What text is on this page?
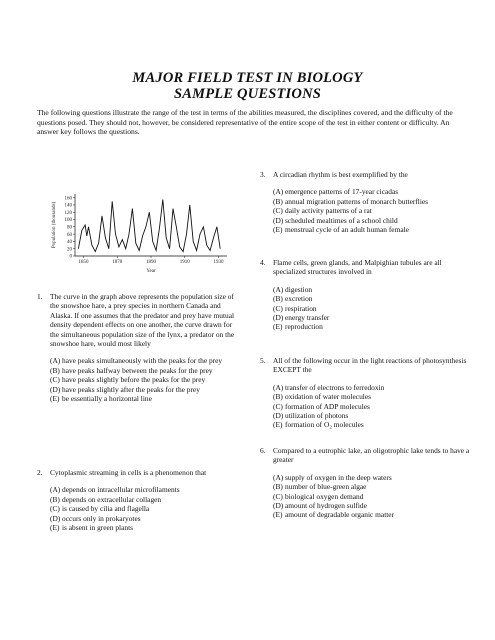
MAJOR FIELD TEST IN BIOLOGY
SAMPLE QUESTIONS

The following questions illustrate the range of the test in terms of the abilities measured, the disciplines covered, and the difficulty of the questions posed. They should not, however, be considered representative of the entire scope of the test in either content or difficulty. An answer key follows the questions.

0
20
40
60
80
100
120
140
160
1850	1870	1890	1910	1930
Year
Population (thousands)
1.	The curve in the graph above represents the population size of the snowshoe hare, a prey species in northern Canada and Alaska. If one assumes that the predator and prey have mutual density dependent effects on one another, the curve drawn for the simultaneous population size of the lynx, a predator on the snowshoe hare, would most likely
(A) have peaks simultaneously with the peaks for the prey
(B) have peaks halfway between the peaks for the prey
(C) have peaks slightly before the peaks for the prey
(D) have peaks slightly after the peaks for the prey
(E) be essentially a horizontal line
2.	Cytoplasmic streaming in cells is a phenomenon that
(A) depends on intracellular microfilaments
(B) depends on extracellular collagen
(C) is caused by cilia and flagella
(D) occurs only in prokaryotes
(E) is absent in green plants
3.	A circadian rhythm is best exemplified by the
(A) emergence patterns of 17-year cicadas
(B) annual migration patterns of monarch butterflies
(C) daily activity patterns of a rat
(D) scheduled mealtimes of a school child
(E) menstrual cycle of an adult human female
4.	Flame cells, green glands, and Malpighian tubules are all specialized structures involved in
(A) digestion
(B) excretion
(C) respiration
(D) energy transfer
(E) reproduction
5.	All of the following occur in the light reactions of photosynthesis EXCEPT the
(A) transfer of electrons to ferredoxin
(B) oxidation of water molecules
(C) formation of ADP molecules
(D) utilization of photons
(E) formation of O₂ molecules
6.	Compared to a eutrophic lake, an oligotrophic lake tends to have a greater
(A) supply of oxygen in the deep waters
(B) number of blue-green algae
(C) biological oxygen demand
(D) amount of hydrogen sulfide
(E) amount of degradable organic matter
